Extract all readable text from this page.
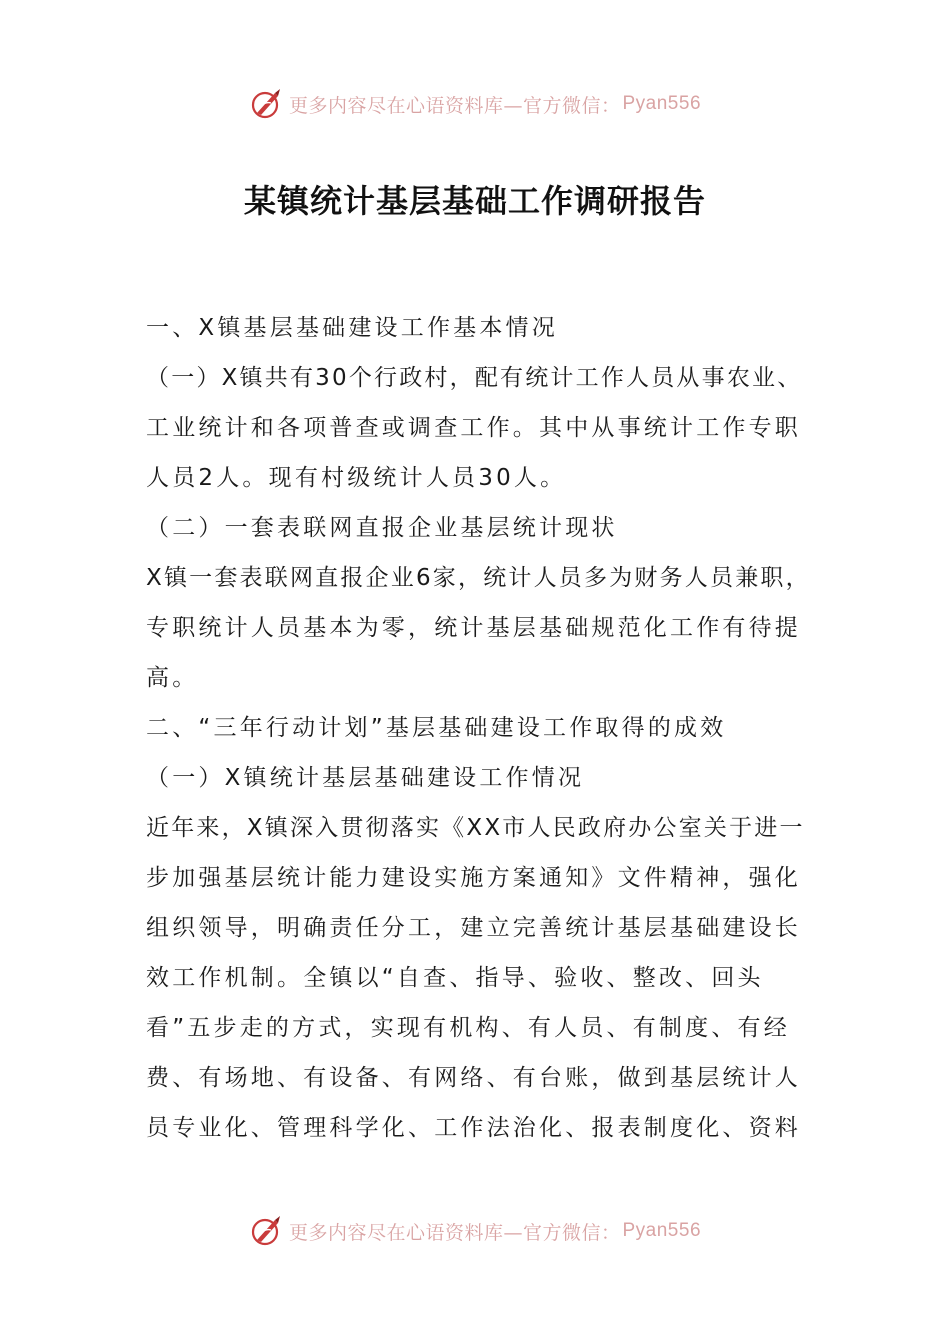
更多内容尽在心语资料库—官方微信： Pyan556
某镇统计基层基础工作调研报告
一、X镇基层基础建设工作基本情况
（一）X镇共有30个行政村，配有统计工作人员从事农业、
工业统计和各项普查或调查工作。其中从事统计工作专职
人员2人。现有村级统计人员30人。
（二）一套表联网直报企业基层统计现状
X镇一套表联网直报企业6家，统计人员多为财务人员兼职，
专职统计人员基本为零，统计基层基础规范化工作有待提
高。
二、“三年行动计划”基层基础建设工作取得的成效
（一）X镇统计基层基础建设工作情况
近年来，X镇深入贯彻落实《XX市人民政府办公室关于进一
步加强基层统计能力建设实施方案通知》文件精神，强化
组织领导，明确责任分工，建立完善统计基层基础建设长
效工作机制。全镇以“自查、指导、验收、整改、回头
看”五步走的方式，实现有机构、有人员、有制度、有经
费、有场地、有设备、有网络、有台账，做到基层统计人
员专业化、管理科学化、工作法治化、报表制度化、资料
更多内容尽在心语资料库—官方微信： Pyan556
